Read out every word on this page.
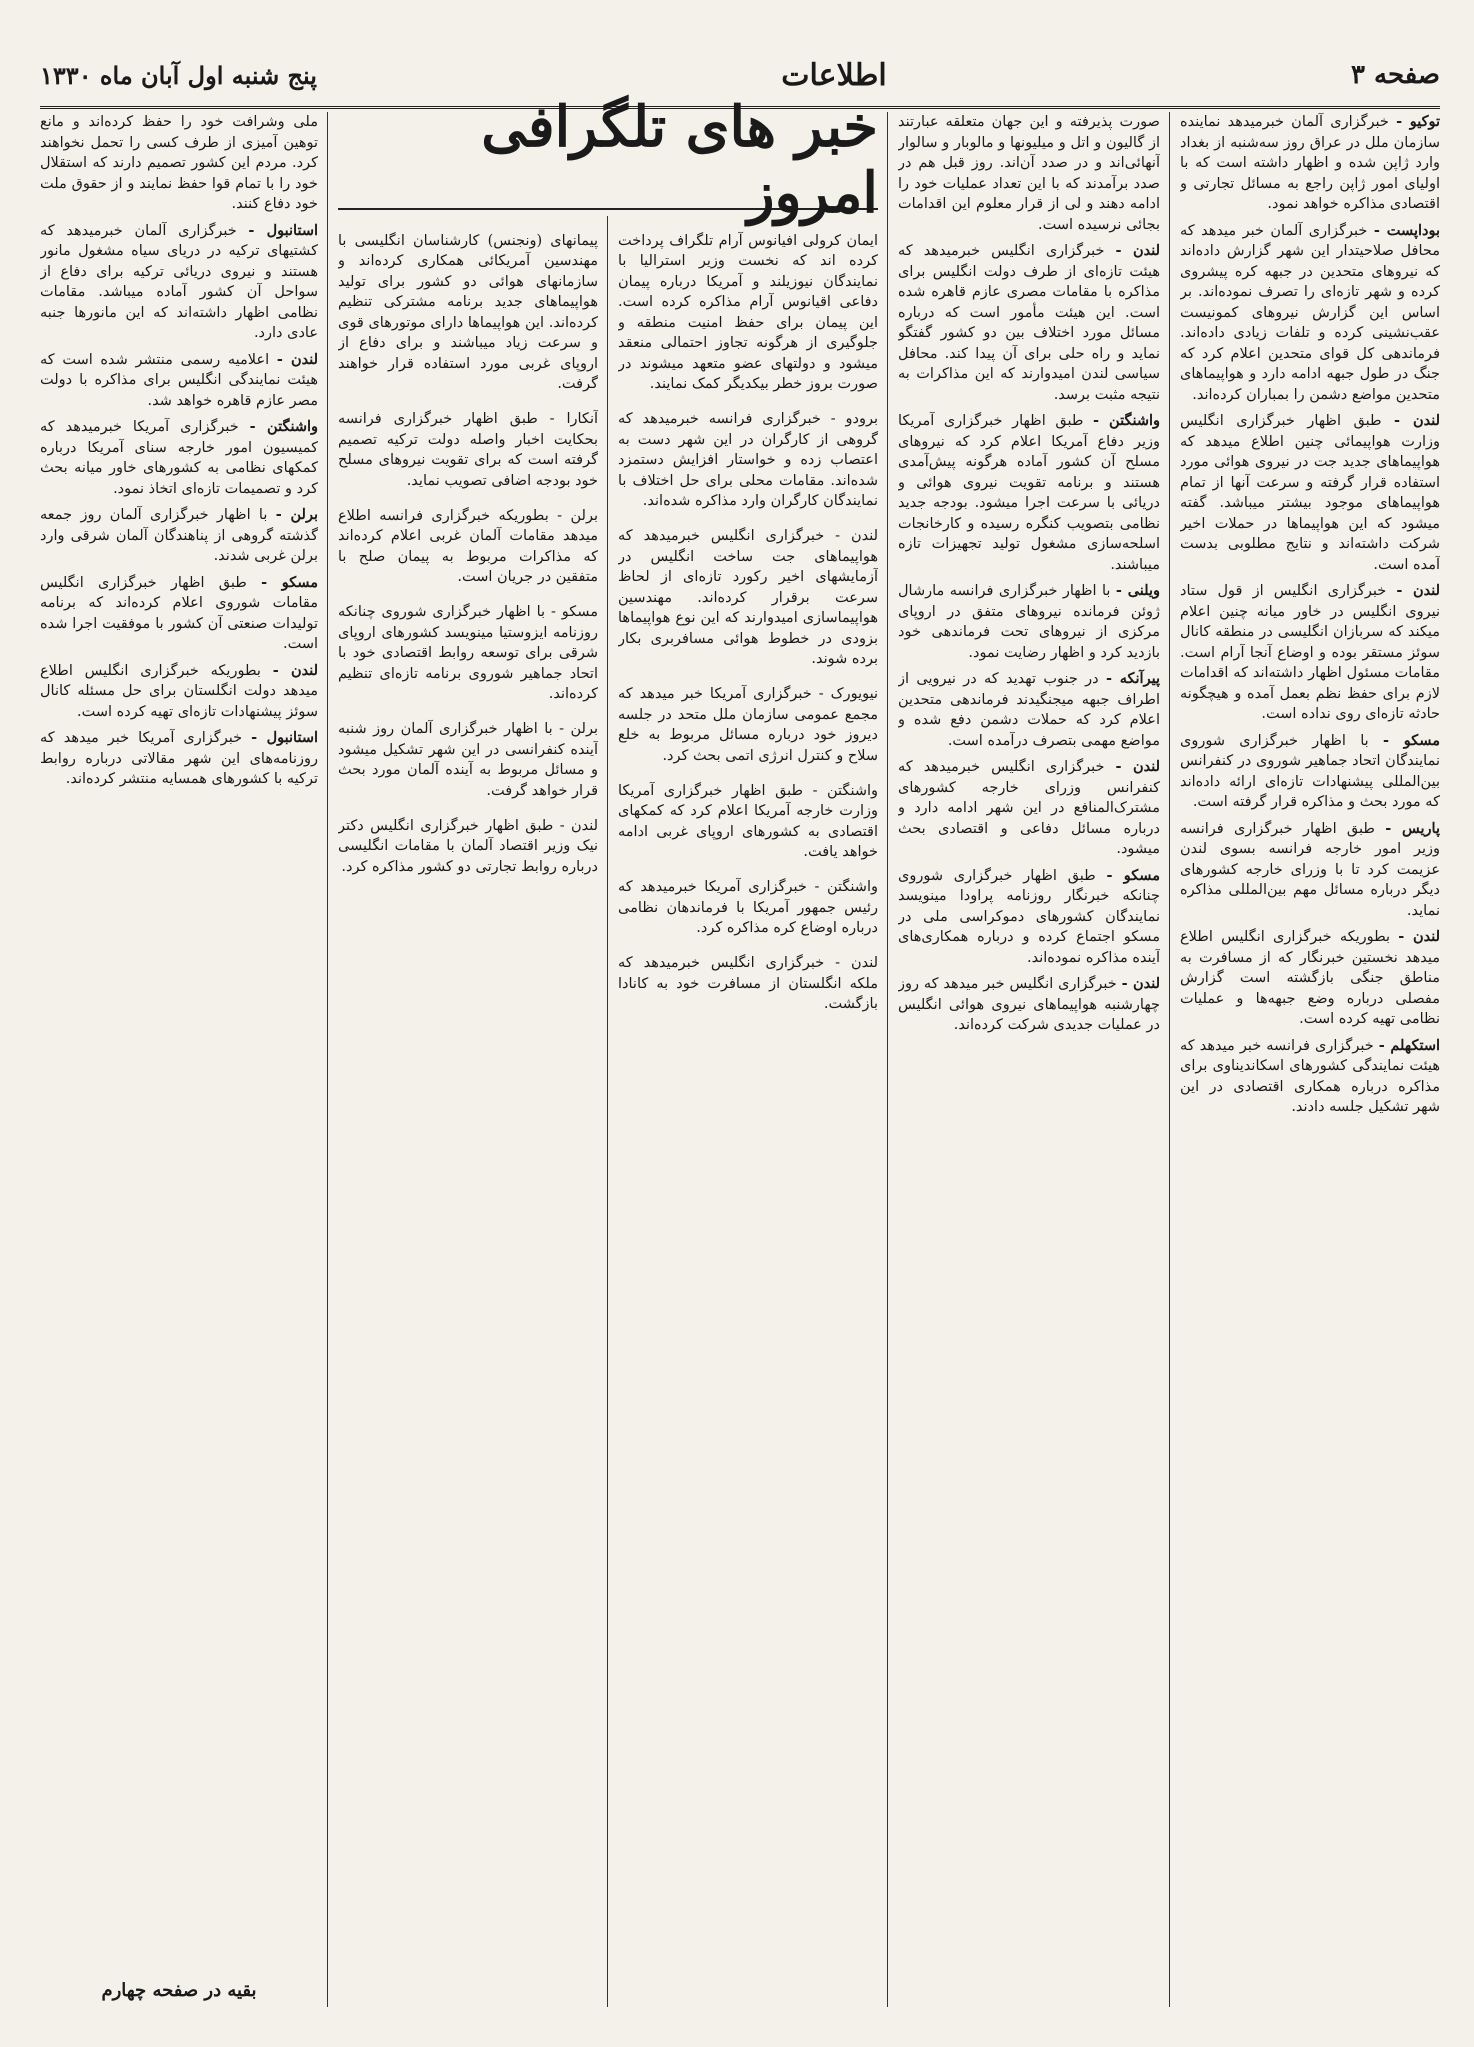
صفحه ۳
اطلاعات
پنج شنبه اول آبان ماه ۱۳۳۰

توکیو - خبرگزاری آلمان خبرمیدهد نماینده سازمان ملل در عراق روز سه‌شنبه از بغداد وارد ژاپن شده و اظهار داشته است که با اولیای امور ژاپن راجع به مسائل تجارتی و اقتصادی مذاکره خواهد نمود.

بوداپست - خبرگزاری آلمان خبر میدهد که محافل صلاحیتدار این شهر گزارش داده‌اند که نیروهای متحدین در جبهه کره پیشروی کرده و شهر تازه‌ای را تصرف نموده‌اند. بر اساس این گزارش نیروهای کمونیست عقب‌نشینی کرده و تلفات زیادی داده‌اند. فرماندهی کل قوای متحدین اعلام کرد که جنگ در طول جبهه ادامه دارد و هواپیماهای متحدین مواضع دشمن را بمباران کرده‌اند.

لندن - طبق اظهار خبرگزاری انگلیس وزارت هواپیمائی چنین اطلاع میدهد که هواپیماهای جدید جت در نیروی هوائی مورد استفاده قرار گرفته و سرعت آنها از تمام هواپیماهای موجود بیشتر میباشد. گفته میشود که این هواپیماها در حملات اخیر شرکت داشته‌اند و نتایج مطلوبی بدست آمده است.

لندن - خبرگزاری انگلیس از قول ستاد نیروی انگلیس در خاور میانه چنین اعلام میکند که سربازان انگلیسی در منطقه کانال سوئز مستقر بوده و اوضاع آنجا آرام است. مقامات مسئول اظهار داشته‌اند که اقدامات لازم برای حفظ نظم بعمل آمده و هیچگونه حادثه تازه‌ای روی نداده است.

مسکو - با اظهار خبرگزاری شوروی نمایندگان اتحاد جماهیر شوروی در کنفرانس بین‌المللی پیشنهادات تازه‌ای ارائه داده‌اند که مورد بحث و مذاکره قرار گرفته است.

پاریس - طبق اظهار خبرگزاری فرانسه وزیر امور خارجه فرانسه بسوی لندن عزیمت کرد تا با وزرای خارجه کشورهای دیگر درباره مسائل مهم بین‌المللی مذاکره نماید.

لندن - بطوریکه خبرگزاری انگلیس اطلاع میدهد نخستین خبرنگار که از مسافرت به مناطق جنگی بازگشته است گزارش مفصلی درباره وضع جبهه‌ها و عملیات نظامی تهیه کرده است.

استکهلم - خبرگزاری فرانسه خبر میدهد که هیئت نمایندگی کشورهای اسکاندیناوی برای مذاکره درباره همکاری اقتصادی در این شهر تشکیل جلسه دادند.

صورت پذیرفته و این جهان متعلقه عبارتند از گالیون و اتل و میلیونها و مالوبار و سالوار آنهائی‌اند و در صدد آن‌اند. روز قبل هم در صدد برآمدند که با این تعداد عملیات خود را ادامه دهند و لی از قرار معلوم این اقدامات بجائی نرسیده است.

لندن - خبرگزاری انگلیس خبرمیدهد که هیئت تازه‌ای از طرف دولت انگلیس برای مذاکره با مقامات مصری عازم قاهره شده است. این هیئت مأمور است که درباره مسائل مورد اختلاف بین دو کشور گفتگو نماید و راه حلی برای آن پیدا کند. محافل سیاسی لندن امیدوارند که این مذاکرات به نتیجه مثبت برسد.

واشنگتن - طبق اظهار خبرگزاری آمریکا وزیر دفاع آمریکا اعلام کرد که نیروهای مسلح آن کشور آماده هرگونه پیش‌آمدی هستند و برنامه تقویت نیروی هوائی و دریائی با سرعت اجرا میشود. بودجه جدید نظامی بتصویب کنگره رسیده و کارخانجات اسلحه‌سازی مشغول تولید تجهیزات تازه میباشند.

ویلنی - با اظهار خبرگزاری فرانسه مارشال ژوئن فرمانده نیروهای متفق در اروپای مرکزی از نیروهای تحت فرماندهی خود بازدید کرد و اظهار رضایت نمود.

پیرآنکه - در جنوب تهدید که در نیرویی از اطراف جبهه میجنگیدند فرماندهی متحدین اعلام کرد که حملات دشمن دفع شده و مواضع مهمی بتصرف درآمده است.

لندن - خبرگزاری انگلیس خبرمیدهد که کنفرانس وزرای خارجه کشورهای مشترک‌المنافع در این شهر ادامه دارد و درباره مسائل دفاعی و اقتصادی بحث میشود.

مسکو - طبق اظهار خبرگزاری شوروی چنانکه خبرنگار روزنامه پراودا مینویسد نمایندگان کشورهای دموکراسی ملی در مسکو اجتماع کرده و درباره همکاری‌های آینده مذاکره نموده‌اند.

لندن - خبرگزاری انگلیس خبر میدهد که روز چهارشنبه هواپیماهای نیروی هوائی انگلیس در عملیات جدیدی شرکت کرده‌اند.

خبر های تلگرافی امروز

ایمان کرولی افیانوس آرام تلگراف پرداخت کرده اند که نخست وزیر استرالیا با نمایندگان نیوزیلند و آمریکا درباره پیمان دفاعی اقیانوس آرام مذاکره کرده است. این پیمان برای حفظ امنیت منطقه و جلوگیری از هرگونه تجاوز احتمالی منعقد میشود و دولتهای عضو متعهد میشوند در صورت بروز خطر بیکدیگر کمک نمایند.

برودو - خبرگزاری فرانسه خبرمیدهد که گروهی از کارگران در این شهر دست به اعتصاب زده و خواستار افزایش دستمزد شده‌اند. مقامات محلی برای حل اختلاف با نمایندگان کارگران وارد مذاکره شده‌اند.

لندن - خبرگزاری انگلیس خبرمیدهد که هواپیماهای جت ساخت انگلیس در آزمایشهای اخیر رکورد تازه‌ای از لحاظ سرعت برقرار کرده‌اند. مهندسین هواپیماسازی امیدوارند که این نوع هواپیماها بزودی در خطوط هوائی مسافربری بکار برده شوند.

نیویورک - خبرگزاری آمریکا خبر میدهد که مجمع عمومی سازمان ملل متحد در جلسه دیروز خود درباره مسائل مربوط به خلع سلاح و کنترل انرژی اتمی بحث کرد.

واشنگتن - طبق اظهار خبرگزاری آمریکا وزارت خارجه آمریکا اعلام کرد که کمکهای اقتصادی به کشورهای اروپای غربی ادامه خواهد یافت.

واشنگتن - خبرگزاری آمریکا خبرمیدهد که رئیس جمهور آمریکا با فرماندهان نظامی درباره اوضاع کره مذاکره کرد.

لندن - خبرگزاری انگلیس خبرمیدهد که ملکه انگلستان از مسافرت خود به کانادا بازگشت.

پیمانهای (ونجنس) کارشناسان انگلیسی با مهندسین آمریکائی همکاری کرده‌اند و سازمانهای هوائی دو کشور برای تولید هواپیماهای جدید برنامه مشترکی تنظیم کرده‌اند. این هواپیماها دارای موتورهای قوی و سرعت زیاد میباشند و برای دفاع از اروپای غربی مورد استفاده قرار خواهند گرفت.

آنکارا - طبق اظهار خبرگزاری فرانسه بحکایت اخبار واصله دولت ترکیه تصمیم گرفته است که برای تقویت نیروهای مسلح خود بودجه اضافی تصویب نماید.

برلن - بطوریکه خبرگزاری فرانسه اطلاع میدهد مقامات آلمان غربی اعلام کرده‌اند که مذاکرات مربوط به پیمان صلح با متفقین در جریان است.

مسکو - با اظهار خبرگزاری شوروی چنانکه روزنامه ایزوستیا مینویسد کشورهای اروپای شرقی برای توسعه روابط اقتصادی خود با اتحاد جماهیر شوروی برنامه تازه‌ای تنظیم کرده‌اند.

برلن - با اظهار خبرگزاری آلمان روز شنبه آینده کنفرانسی در این شهر تشکیل میشود و مسائل مربوط به آینده آلمان مورد بحث قرار خواهد گرفت.

لندن - طبق اظهار خبرگزاری انگلیس دکتر نیک وزیر اقتصاد آلمان با مقامات انگلیسی درباره روابط تجارتی دو کشور مذاکره کرد.

ملی وشرافت خود را حفظ کرده‌اند و مانع توهین آمیزی از طرف کسی را تحمل نخواهند کرد. مردم این کشور تصمیم دارند که استقلال خود را با تمام قوا حفظ نمایند و از حقوق ملت خود دفاع کنند.

استانبول - خبرگزاری آلمان خبرمیدهد که کشتیهای ترکیه در دریای سیاه مشغول مانور هستند و نیروی دریائی ترکیه برای دفاع از سواحل آن کشور آماده میباشد. مقامات نظامی اظهار داشته‌اند که این مانورها جنبه عادی دارد.

لندن - اعلامیه رسمی منتشر شده است که هیئت نمایندگی انگلیس برای مذاکره با دولت مصر عازم قاهره خواهد شد.

واشنگتن - خبرگزاری آمریکا خبرمیدهد که کمیسیون امور خارجه سنای آمریکا درباره کمکهای نظامی به کشورهای خاور میانه بحث کرد و تصمیمات تازه‌ای اتخاذ نمود.

برلن - با اظهار خبرگزاری آلمان روز جمعه گذشته گروهی از پناهندگان آلمان شرقی وارد برلن غربی شدند.

مسکو - طبق اظهار خبرگزاری انگلیس مقامات شوروی اعلام کرده‌اند که برنامه تولیدات صنعتی آن کشور با موفقیت اجرا شده است.

لندن - بطوریکه خبرگزاری انگلیس اطلاع میدهد دولت انگلستان برای حل مسئله کانال سوئز پیشنهادات تازه‌ای تهیه کرده است.

استانبول - خبرگزاری آمریکا خبر میدهد که روزنامه‌های این شهر مقالاتی درباره روابط ترکیه با کشورهای همسایه منتشر کرده‌اند.

بقیه در صفحه چهارم
